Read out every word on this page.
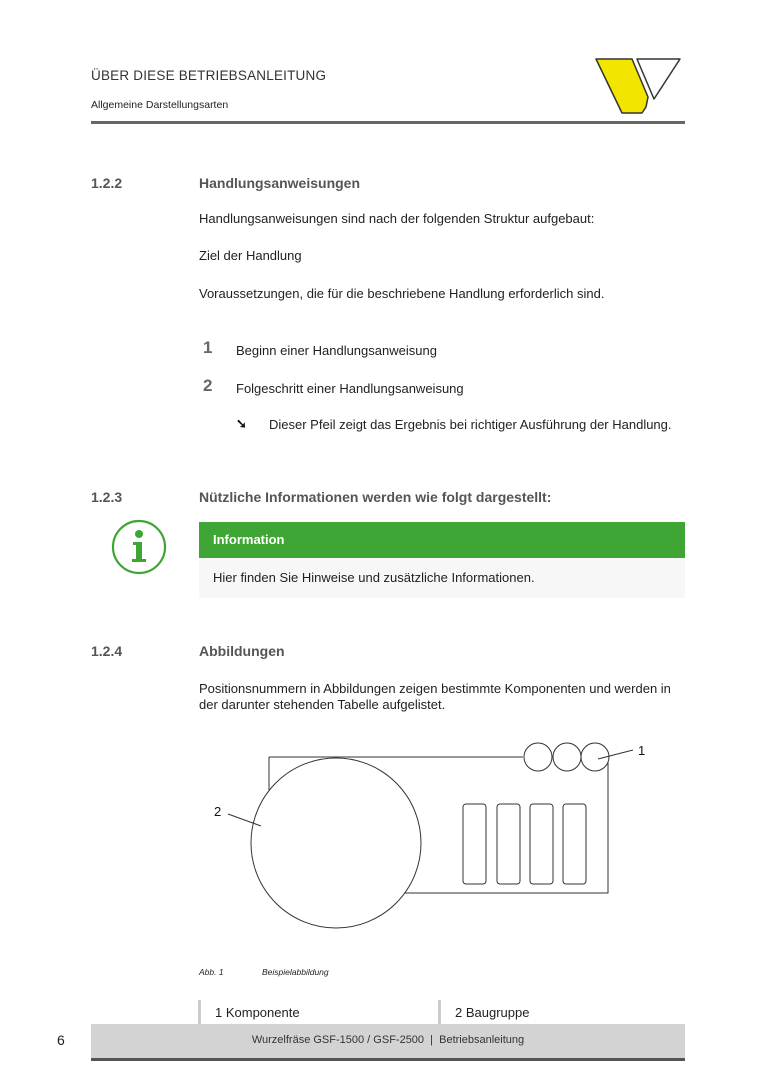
ÜBER DIESE BETRIEBSANLEITUNG
Allgemeine Darstellungsarten
1.2.2	Handlungsanweisungen
Handlungsanweisungen sind nach der folgenden Struktur aufgebaut:
Ziel der Handlung
Voraussetzungen, die für die beschriebene Handlung erforderlich sind.
1 Beginn einer Handlungsanweisung
2 Folgeschritt einer Handlungsanweisung
➘ Dieser Pfeil zeigt das Ergebnis bei richtiger Ausführung der Handlung.
1.2.3	Nützliche Informationen werden wie folgt dargestellt:
Information
Hier finden Sie Hinweise und zusätzliche Informationen.
1.2.4	Abbildungen
Positionsnummern in Abbildungen zeigen bestimmte Komponenten und werden in der darunter stehenden Tabelle aufgelistet.
1
2
Abb. 1	Beispielabbildung
1 Komponente	2 Baugruppe
6	Wurzelfräse GSF-1500 / GSF-2500  |  Betriebsanleitung
